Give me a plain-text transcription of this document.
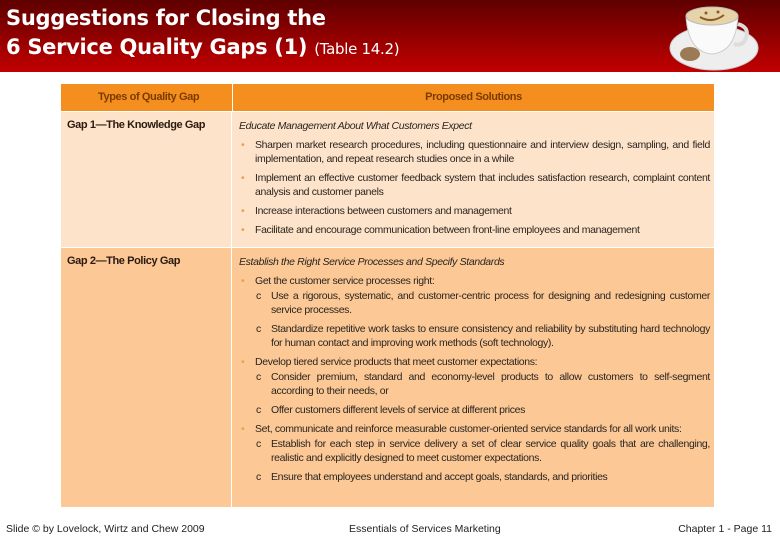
Suggestions for Closing the
6 Service Quality Gaps (1) (Table 14.2)
Types of Quality Gap	Proposed Solutions
Gap 1—The Knowledge Gap	Educate Management About What Customers Expect
• Sharpen market research procedures, including questionnaire and interview design, sampling, and field implementation, and repeat research studies once in a while
• Implement an effective customer feedback system that includes satisfaction research, complaint content analysis and customer panels
• Increase interactions between customers and management
• Facilitate and encourage communication between front-line employees and management
Gap 2—The Policy Gap	Establish the Right Service Processes and Specify Standards
• Get the customer service processes right:
c Use a rigorous, systematic, and customer-centric process for designing and redesigning customer service processes.
c Standardize repetitive work tasks to ensure consistency and reliability by substituting hard technology for human contact and improving work methods (soft technology).
• Develop tiered service products that meet customer expectations:
c Consider premium, standard and economy-level products to allow customers to self-segment according to their needs, or
c Offer customers different levels of service at different prices
• Set, communicate and reinforce measurable customer-oriented service standards for all work units:
c Establish for each step in service delivery a set of clear service quality goals that are challenging, realistic and explicitly designed to meet customer expectations.
c Ensure that employees understand and accept goals, standards, and priorities
Slide © by Lovelock, Wirtz and Chew 2009	Essentials of Services Marketing	Chapter 1 - Page 11
